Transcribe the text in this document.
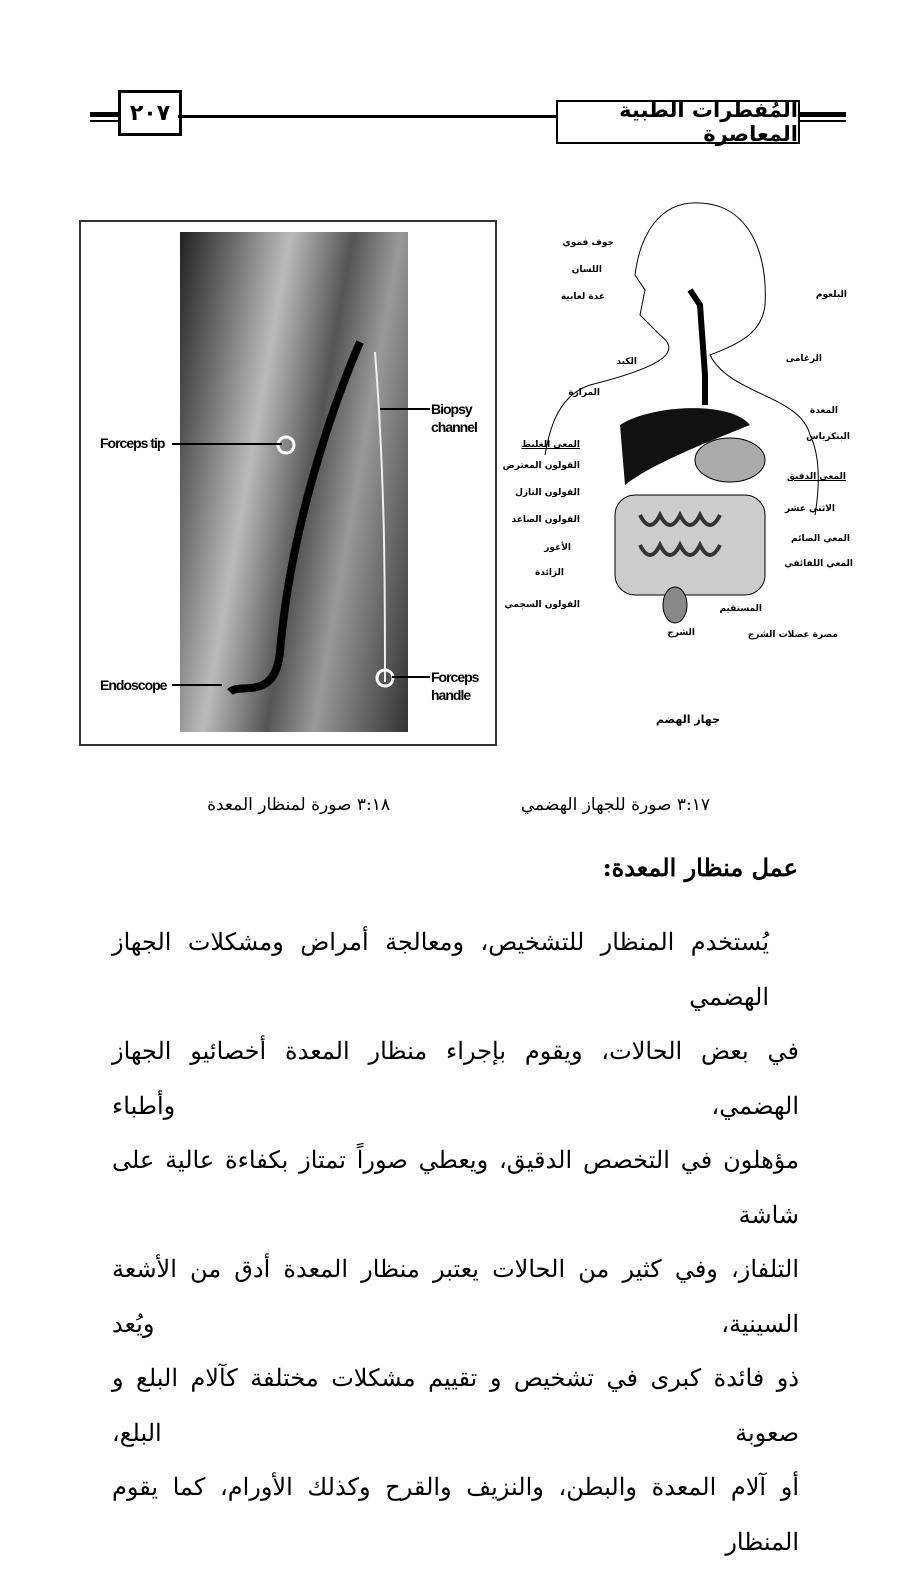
٢٠٧	المُفطرات الطبية المعاصرة
Forceps tip
Biopsy channel
Endoscope	Forceps handle
جوف فموي
اللسان
غدة لعابية	البلعوم
الكبد	الرغامى
المرارة
المعدة
المعي الغليظ
البنكرياس
القولون المعترض
المعي الدقيق
القولون النازل
الاثني عشر
القولون الصاعد
المعي الصائم
الأعور
المعي اللفائفي
الزائدة
القولون السجمي	المستقيم
الشرج	مصرة عضلات الشرج
جهاز الهضم
٣:١٧ صورة للجهاز الهضمي
٣:١٨ صورة لمنظار المعدة
عمل منظار المعدة:

يُستخدم المنظار للتشخيص، ومعالجة أمراض ومشكلات الجهاز الهضمي

في بعض الحالات، ويقوم بإجراء منظار المعدة أخصائيو الجهاز الهضمي، وأطباء

مؤهلون في التخصص الدقيق، ويعطي صوراً تمتاز بكفاءة عالية على شاشة

التلفاز، وفي كثير من الحالات يعتبر منظار المعدة أدق من الأشعة السينية، ويُعد

ذو فائدة كبرى في تشخيص و تقييم مشكلات مختلفة كآلام البلع و صعوبة البلع،

أو آلام المعدة والبطن، والنزيف والقرح وكذلك الأورام، كما يقوم المنظار
